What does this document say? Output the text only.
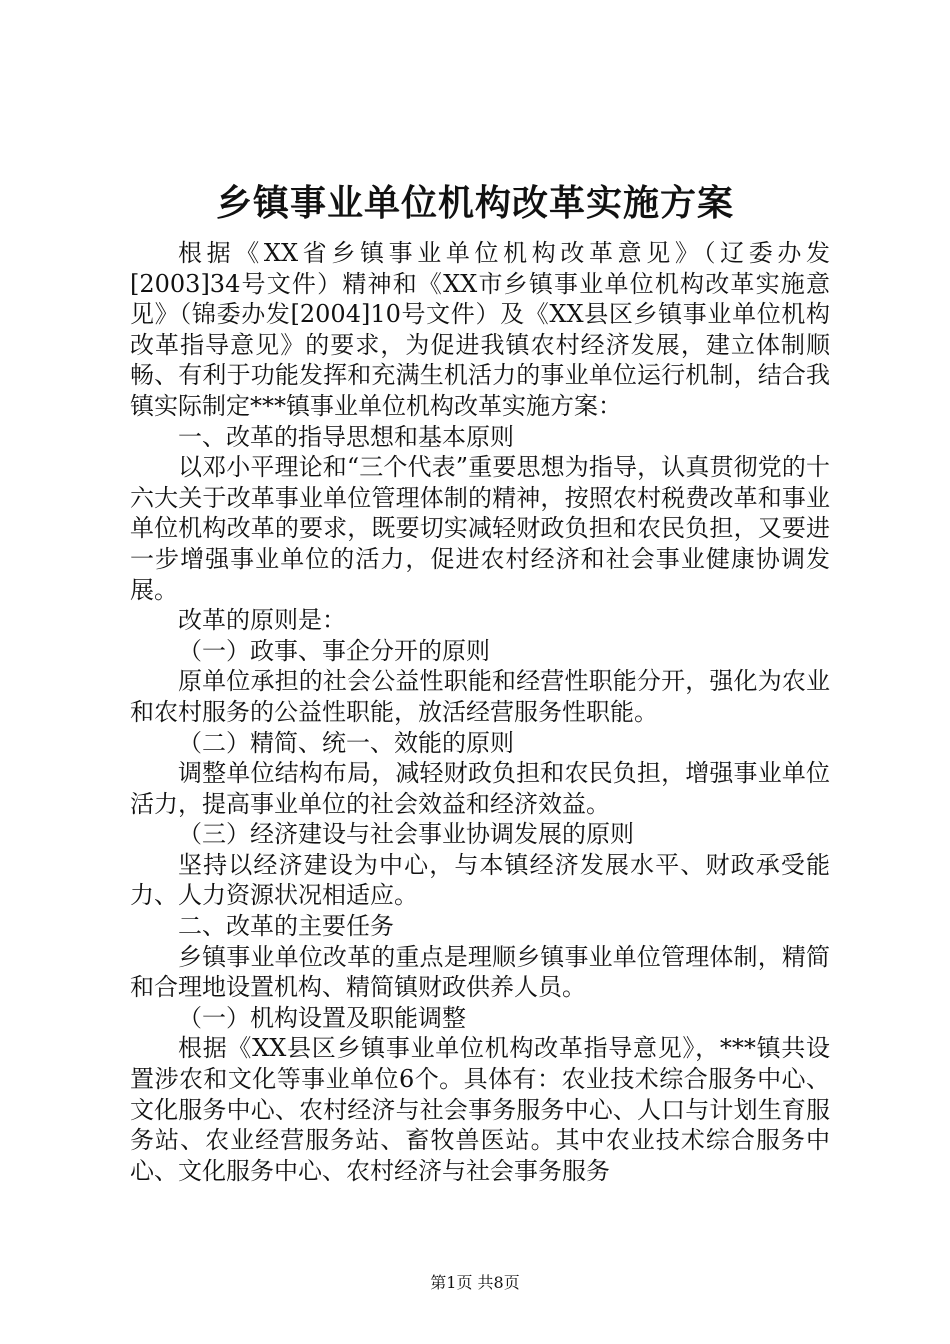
乡镇事业单位机构改革实施方案

根据《XX省乡镇事业单位机构改革意见》（辽委办发[2003]34号文件）精神和《XX市乡镇事业单位机构改革实施意见》（锦委办发[2004]10号文件）及《XX县区乡镇事业单位机构改革指导意见》的要求，为促进我镇农村经济发展，建立体制顺畅、有利于功能发挥和充满生机活力的事业单位运行机制，结合我镇实际制定***镇事业单位机构改革实施方案：

一、改革的指导思想和基本原则

以邓小平理论和“三个代表”重要思想为指导，认真贯彻党的十六大关于改革事业单位管理体制的精神，按照农村税费改革和事业单位机构改革的要求，既要切实减轻财政负担和农民负担，又要进一步增强事业单位的活力，促进农村经济和社会事业健康协调发展。

改革的原则是：

（一）政事、事企分开的原则

原单位承担的社会公益性职能和经营性职能分开，强化为农业和农村服务的公益性职能，放活经营服务性职能。

（二）精简、统一、效能的原则

调整单位结构布局，减轻财政负担和农民负担，增强事业单位活力，提高事业单位的社会效益和经济效益。

（三）经济建设与社会事业协调发展的原则

坚持以经济建设为中心，与本镇经济发展水平、财政承受能力、人力资源状况相适应。

二、改革的主要任务

乡镇事业单位改革的重点是理顺乡镇事业单位管理体制，精简和合理地设置机构、精简镇财政供养人员。

（一）机构设置及职能调整

根据《XX县区乡镇事业单位机构改革指导意见》，***镇共设置涉农和文化等事业单位6个。具体有：农业技术综合服务中心、文化服务中心、农村经济与社会事务服务中心、人口与计划生育服务站、农业经营服务站、畜牧兽医站。其中农业技术综合服务中心、文化服务中心、农村经济与社会事务服务

第1页 共8页
